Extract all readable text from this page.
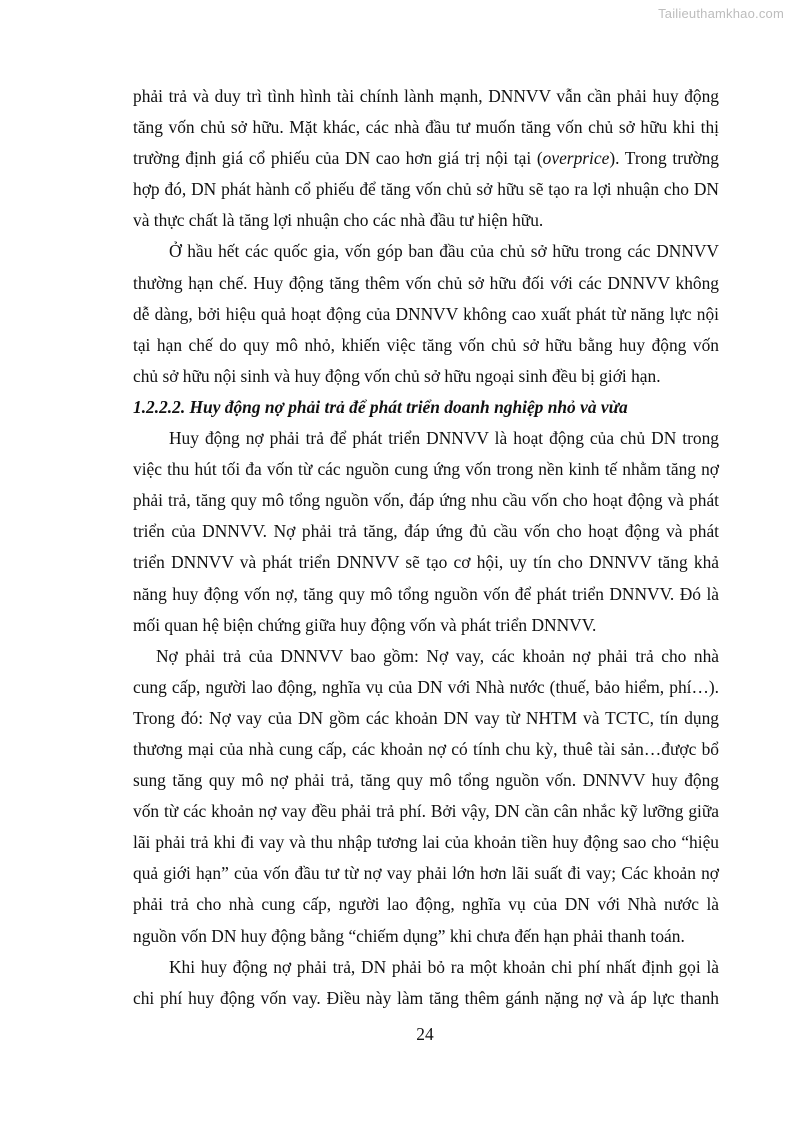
Tailieuthamkhao.com
phải trả và duy trì tình hình tài chính lành mạnh, DNNVV vẫn cần phải huy động
tăng vốn chủ sở hữu. Mặt khác, các nhà đầu tư muốn tăng vốn chủ sở hữu khi thị
trường định giá cổ phiếu của DN cao hơn giá trị nội tại (overprice). Trong trường
hợp đó, DN phát hành cổ phiếu để tăng vốn chủ sở hữu sẽ tạo ra lợi nhuận cho DN
và thực chất là tăng lợi nhuận cho các nhà đầu tư hiện hữu.
Ở hầu hết các quốc gia, vốn góp ban đầu của chủ sở hữu trong các DNNVV
thường hạn chế. Huy động tăng thêm vốn chủ sở hữu đối với các DNNVV không
dễ dàng, bởi hiệu quả hoạt động của DNNVV không cao xuất phát từ năng lực nội
tại hạn chế do quy mô nhỏ, khiến việc tăng vốn chủ sở hữu bằng huy động vốn
chủ sở hữu nội sinh và huy động vốn chủ sở hữu ngoại sinh đều bị giới hạn.
1.2.2.2. Huy động nợ phải trả để phát triển doanh nghiệp nhỏ và vừa
Huy động nợ phải trả để phát triển DNNVV là hoạt động của chủ DN trong
việc thu hút tối đa vốn từ các nguồn cung ứng vốn trong nền kinh tế nhằm tăng nợ
phải trả, tăng quy mô tổng nguồn vốn, đáp ứng nhu cầu vốn cho hoạt động và phát
triển của DNNVV. Nợ phải trả tăng, đáp ứng đủ cầu vốn cho hoạt động và phát
triển DNNVV và phát triển DNNVV sẽ tạo cơ hội, uy tín cho DNNVV tăng khả
năng huy động vốn nợ, tăng quy mô tổng nguồn vốn để phát triển DNNVV. Đó là
mối quan hệ biện chứng giữa huy động vốn và phát triển DNNVV.
Nợ phải trả của DNNVV bao gồm: Nợ vay, các khoản nợ phải trả cho nhà
cung cấp, người lao động, nghĩa vụ của DN với Nhà nước (thuế, bảo hiểm, phí…).
Trong đó: Nợ vay của DN gồm các khoản DN vay từ NHTM và TCTC, tín dụng
thương mại của nhà cung cấp, các khoản nợ có tính chu kỳ, thuê tài sản…được bổ
sung tăng quy mô nợ phải trả, tăng quy mô tổng nguồn vốn. DNNVV huy động
vốn từ các khoản nợ vay đều phải trả phí. Bởi vậy, DN cần cân nhắc kỹ lưỡng giữa
lãi phải trả khi đi vay và thu nhập tương lai của khoản tiền huy động sao cho “hiệu
quả giới hạn” của vốn đầu tư từ nợ vay phải lớn hơn lãi suất đi vay; Các khoản nợ
phải trả cho nhà cung cấp, người lao động, nghĩa vụ của DN với Nhà nước là
nguồn vốn DN huy động bằng “chiếm dụng” khi chưa đến hạn phải thanh toán.
Khi huy động nợ phải trả, DN phải bỏ ra một khoản chi phí nhất định gọi là
chi phí huy động vốn vay. Điều này làm tăng thêm gánh nặng nợ và áp lực thanh
24
